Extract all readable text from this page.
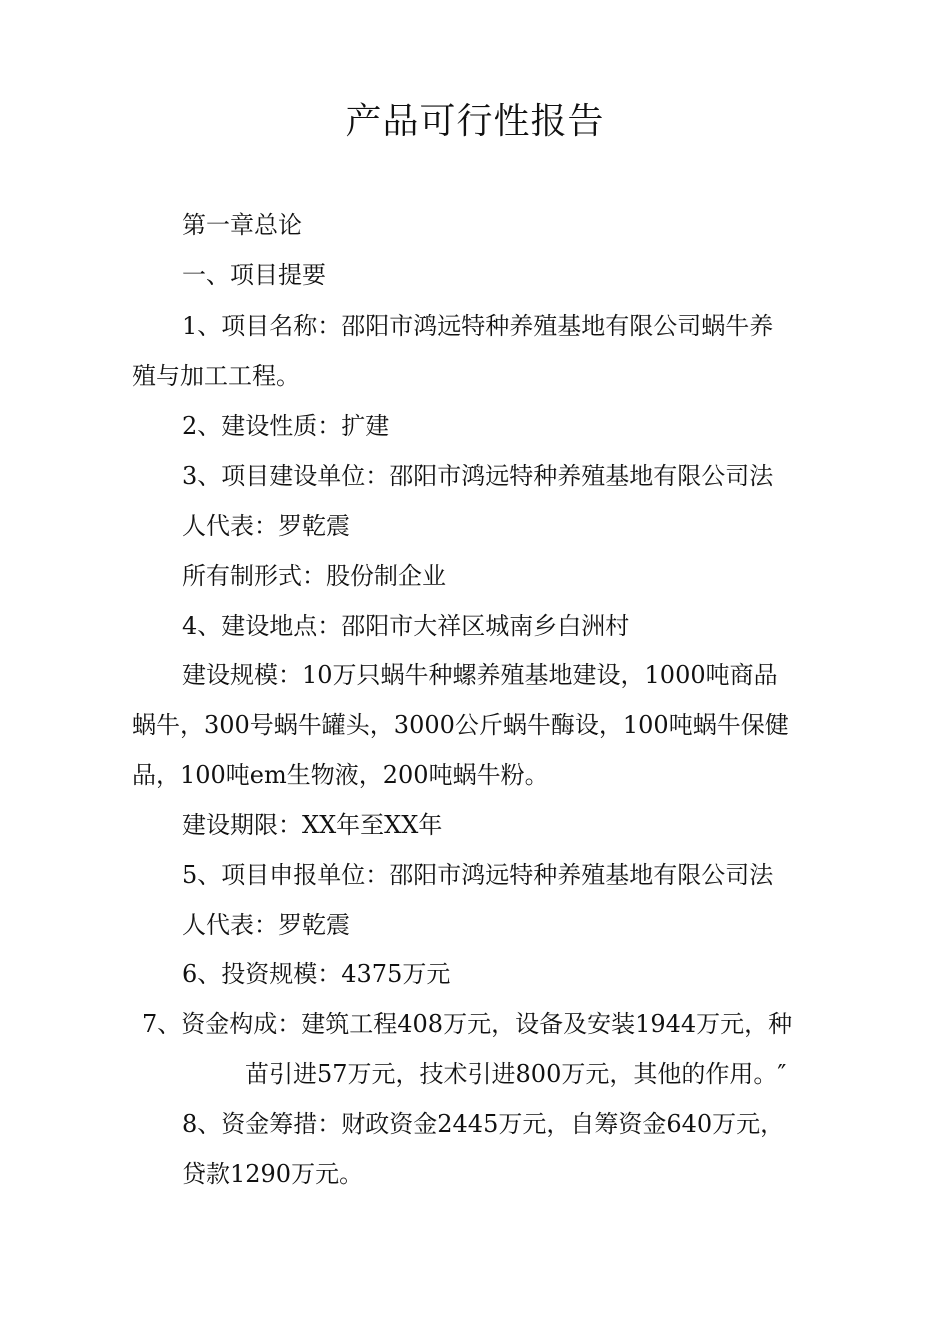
产品可行性报告
第一章总论
一、项目提要
1、项目名称：邵阳市鸿远特种养殖基地有限公司蜗牛养
殖与加工工程。
2、建设性质：扩建
3、项目建设单位：邵阳市鸿远特种养殖基地有限公司法
人代表：罗乾震
所有制形式：股份制企业
4、建设地点：邵阳市大祥区城南乡白洲村
建设规模：10万只蜗牛种螺养殖基地建设，1000吨商品
蜗牛，300号蜗牛罐头，3000公斤蜗牛酶设，100吨蜗牛保健
品，100吨em生物液，200吨蜗牛粉。
建设期限：XX年至XX年
5、项目申报单位：邵阳市鸿远特种养殖基地有限公司法
人代表：罗乾震
6、投资规模：4375万元
7、资金构成：建筑工程408万元，设备及安装1944万元，种
苗引进57万元，技术引进800万元，其他的作用。″
8、资金筹措：财政资金2445万元，自筹资金640万元，
贷款1290万元。
